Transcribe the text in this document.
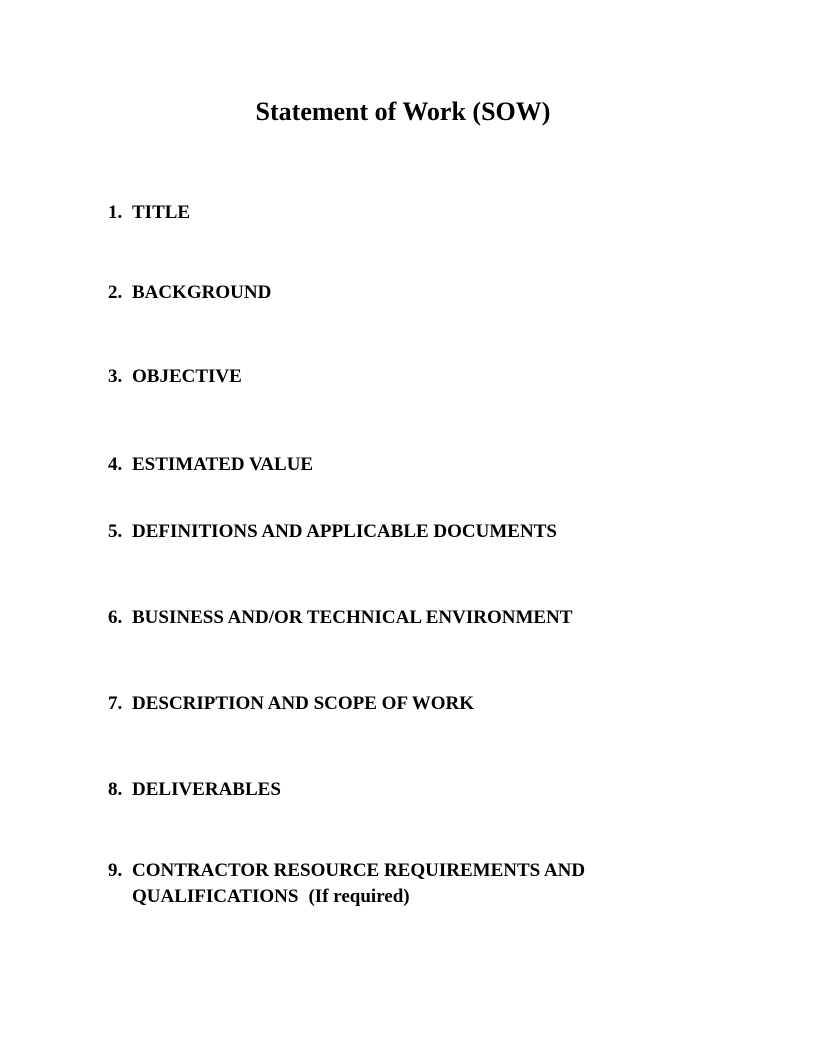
Statement of Work (SOW)
1. TITLE
2. BACKGROUND
3. OBJECTIVE
4. ESTIMATED VALUE
5. DEFINITIONS AND APPLICABLE DOCUMENTS
6. BUSINESS AND/OR TECHNICAL ENVIRONMENT
7. DESCRIPTION AND SCOPE OF WORK
8. DELIVERABLES
9. CONTRACTOR RESOURCE REQUIREMENTS AND
QUALIFICATIONS (If required)
